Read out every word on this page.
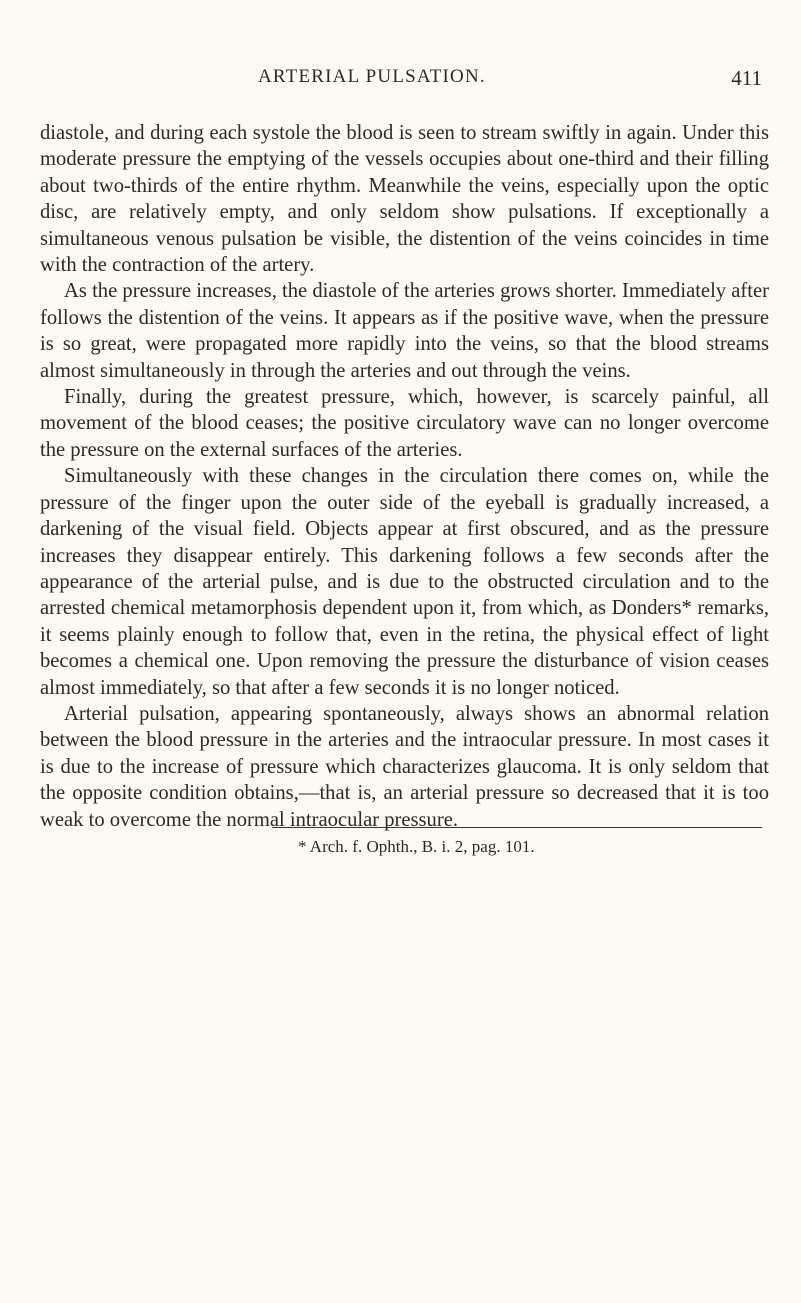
ARTERIAL PULSATION.	411

diastole, and during each systole the blood is seen to stream swiftly in again. Under this moderate pressure the emptying of the vessels occupies about one-third and their filling about two-thirds of the entire rhythm. Meanwhile the veins, especially upon the optic disc, are relatively empty, and only seldom show pulsations. If exceptionally a simultaneous venous pulsation be visible, the distention of the veins coincides in time with the contraction of the artery.

As the pressure increases, the diastole of the arteries grows shorter. Immediately after follows the distention of the veins. It appears as if the positive wave, when the pressure is so great, were propagated more rapidly into the veins, so that the blood streams almost simultaneously in through the arteries and out through the veins.

Finally, during the greatest pressure, which, however, is scarcely painful, all movement of the blood ceases; the positive circulatory wave can no longer overcome the pressure on the external surfaces of the arteries.

Simultaneously with these changes in the circulation there comes on, while the pressure of the finger upon the outer side of the eyeball is gradually increased, a darkening of the visual field. Objects appear at first obscured, and as the pressure increases they disappear entirely. This darkening follows a few seconds after the appearance of the arterial pulse, and is due to the obstructed circulation and to the arrested chemical metamorphosis dependent upon it, from which, as Donders* remarks, it seems plainly enough to follow that, even in the retina, the physical effect of light becomes a chemical one. Upon removing the pressure the disturbance of vision ceases almost immediately, so that after a few seconds it is no longer noticed.

Arterial pulsation, appearing spontaneously, always shows an abnormal relation between the blood pressure in the arteries and the intraocular pressure. In most cases it is due to the increase of pressure which characterizes glaucoma. It is only seldom that the opposite condition obtains,—that is, an arterial pressure so decreased that it is too weak to overcome the normal intraocular pressure.

* Arch. f. Ophth., B. i. 2, pag. 101.
